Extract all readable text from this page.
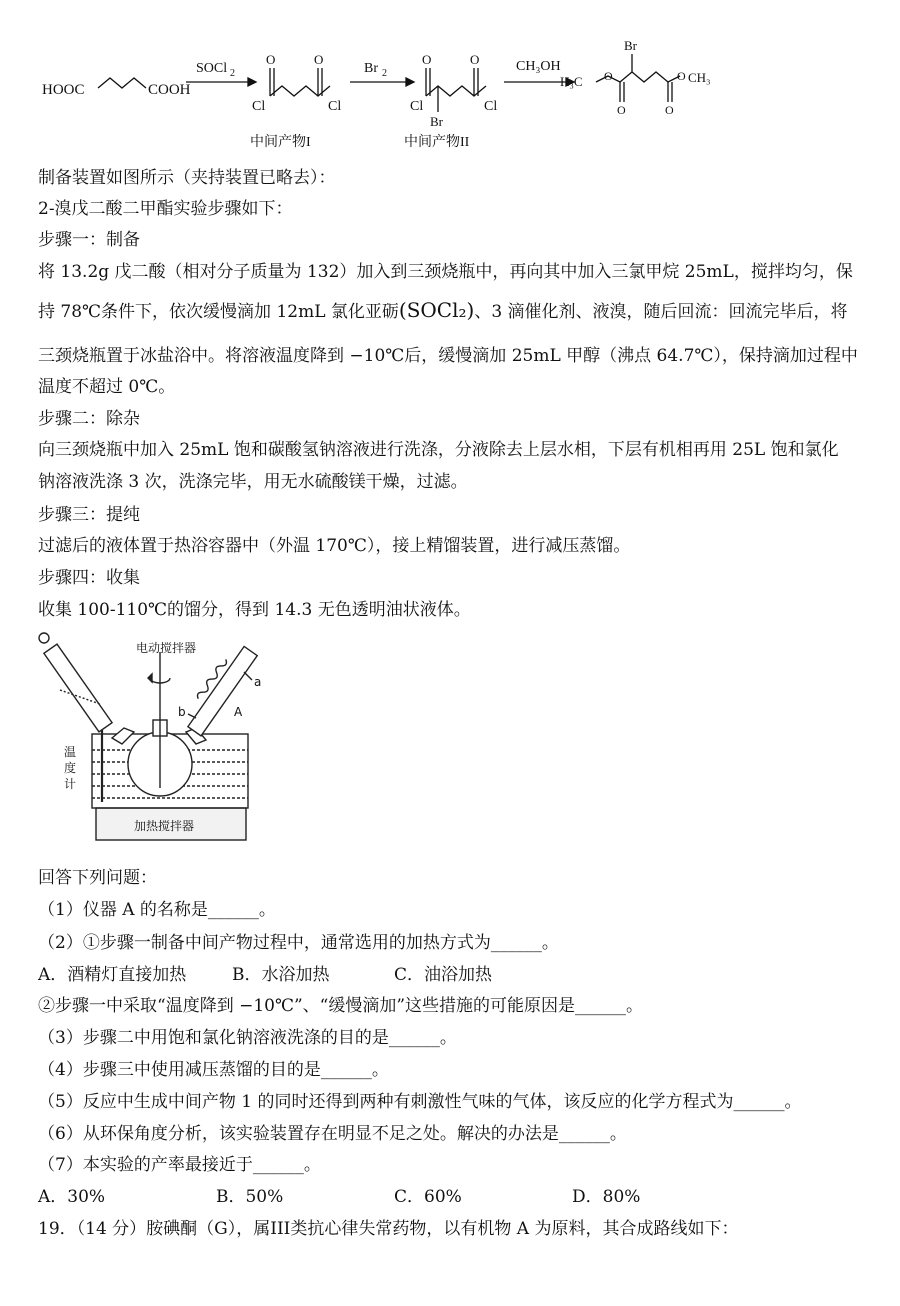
HOOC	COOH
SOCl 2
Cl	Cl
O	O
中间产物I
Br 2
Cl	Cl
O	O
Br
中间产物II
CH₃OH
H₃C O
O	O
O
Br
CH₃
制备装置如图所示（夹持装置已略去）：
2-溴戊二酸二甲酯实验步骤如下：
步骤一：制备
将 13.2g 戊二酸（相对分子质量为 132）加入到三颈烧瓶中，再向其中加入三氯甲烷 25mL，搅拌均匀，保
持 78℃条件下，依次缓慢滴加 12mL 氯化亚砺(SOCl₂)、3 滴催化剂、液溴，随后回流：回流完毕后，将
三颈烧瓶置于冰盐浴中。将溶液温度降到 −10℃后，缓慢滴加 25mL 甲醇（沸点 64.7℃），保持滴加过程中
温度不超过 0℃。
步骤二：除杂
向三颈烧瓶中加入 25mL 饱和碳酸氢钠溶液进行洗涤，分液除去上层水相，下层有机相再用 25L 饱和氯化
钠溶液洗涤 3 次，洗涤完毕，用无水硫酸镁干燥，过滤。
步骤三：提纯
过滤后的液体置于热浴容器中（外温 170℃），接上精馏装置，进行减压蒸馏。
步骤四：收集
收集 100-110℃的馏分，得到 14.3 无色透明油状液体。
电动搅拌器
温
度
计
加热搅拌器
a
b	A
回答下列问题：
（1）仪器 A 的名称是______。
（2）①步骤一制备中间产物过程中，通常选用的加热方式为______。
A．酒精灯直接加热	B．水浴加热	C．油浴加热
②步骤一中采取“温度降到 −10℃”、“缓慢滴加”这些措施的可能原因是______。
（3）步骤二中用饱和氯化钠溶液洗涤的目的是______。
（4）步骤三中使用减压蒸馏的目的是______。
（5）反应中生成中间产物 1 的同时还得到两种有刺激性气味的气体，该反应的化学方程式为______。
（6）从环保角度分析，该实验装置存在明显不足之处。解决的办法是______。
（7）本实验的产率最接近于______。
A．30%	B．50%	C．60%	D．80%
19．（14 分）胺碘酮（G），属III类抗心律失常药物，以有机物 A 为原料，其合成路线如下：
